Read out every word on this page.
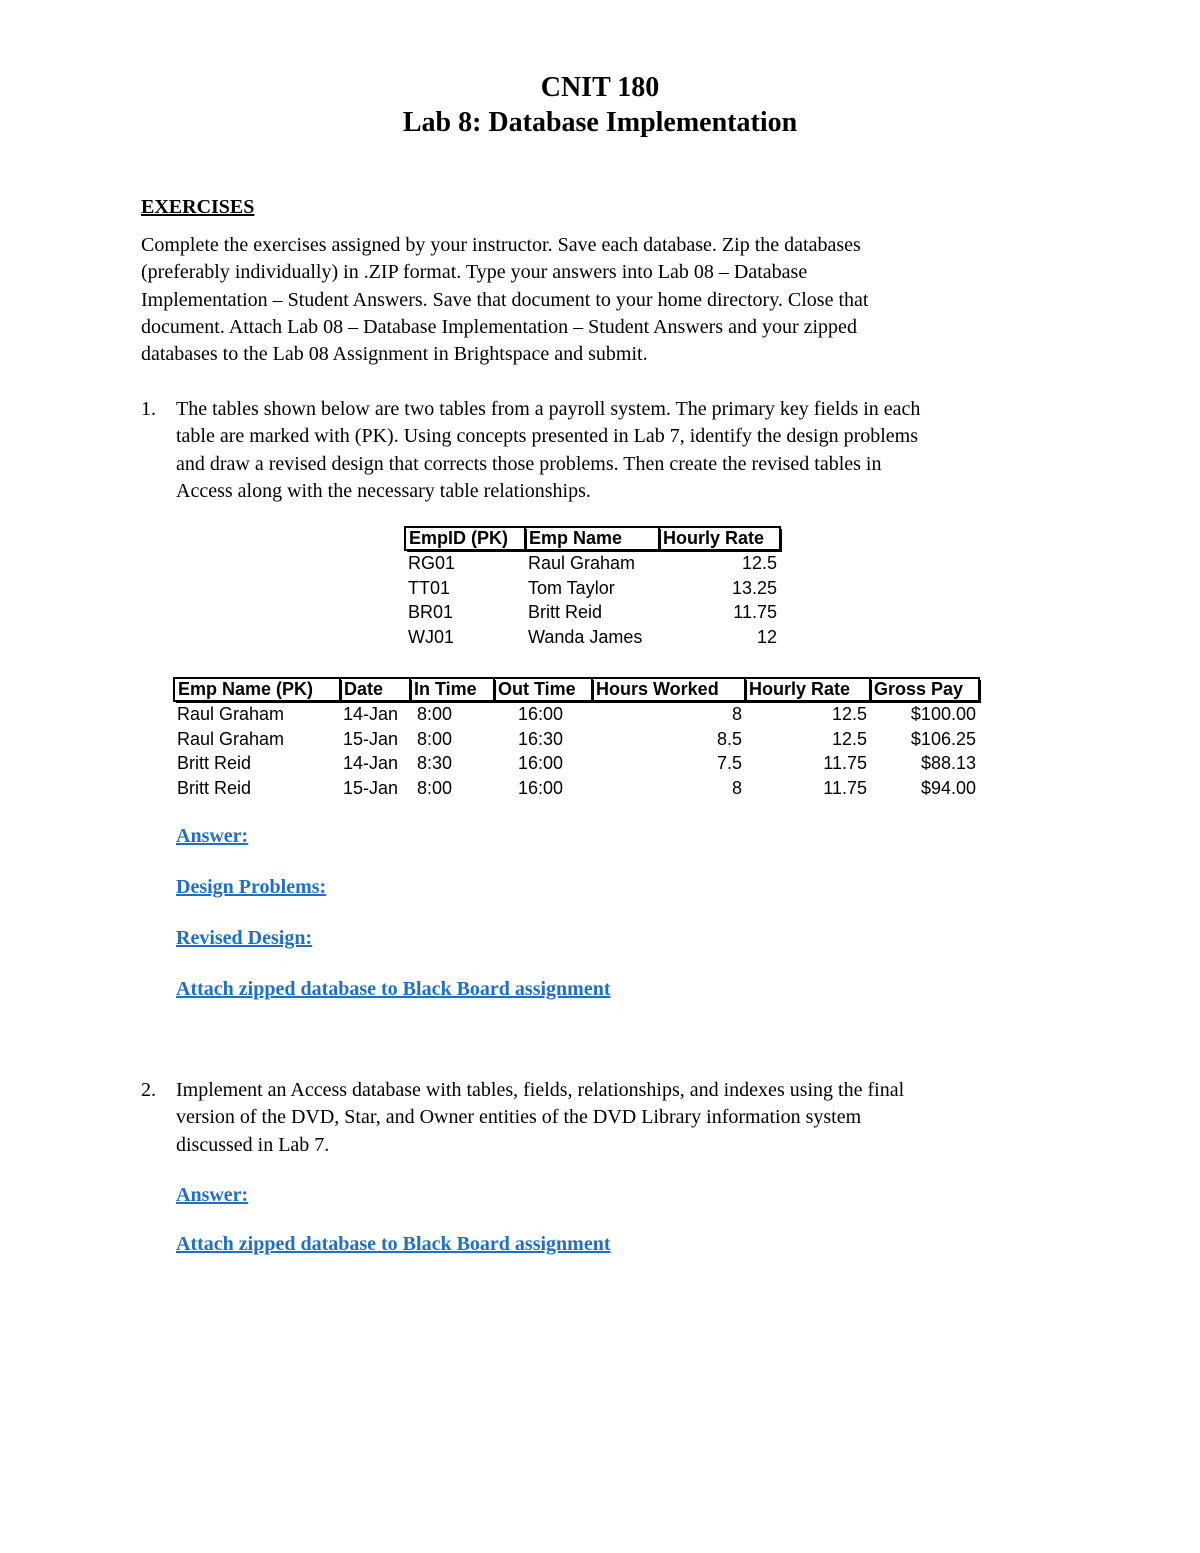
CNIT 180
Lab 8: Database Implementation
EXERCISES
Complete the exercises assigned by your instructor. Save each database. Zip the databases
(preferably individually) in .ZIP format. Type your answers into Lab 08 – Database
Implementation – Student Answers. Save that document to your home directory. Close that
document. Attach Lab 08 – Database Implementation – Student Answers and your zipped
databases to the Lab 08 Assignment in Brightspace and submit.
1. The tables shown below are two tables from a payroll system. The primary key fields in each
table are marked with (PK). Using concepts presented in Lab 7, identify the design problems
and draw a revised design that corrects those problems. Then create the revised tables in
Access along with the necessary table relationships.
EmpID (PK)	Emp Name	Hourly Rate
RG01	Raul Graham	12.5
TT01	Tom Taylor	13.25
BR01	Britt Reid	11.75
WJ01	Wanda James	12
Emp Name (PK)	Date	In Time	Out Time	Hours Worked	Hourly Rate	Gross Pay
Raul Graham	14-Jan	8:00	16:00	8	12.5	$100.00
Raul Graham	15-Jan	8:00	16:30	8.5	12.5	$106.25
Britt Reid	14-Jan	8:30	16:00	7.5	11.75	$88.13
Britt Reid	15-Jan	8:00	16:00	8	11.75	$94.00
Answer:
Design Problems:
Revised Design:
Attach zipped database to Black Board assignment
2. Implement an Access database with tables, fields, relationships, and indexes using the final
version of the DVD, Star, and Owner entities of the DVD Library information system
discussed in Lab 7.
Answer:
Attach zipped database to Black Board assignment
